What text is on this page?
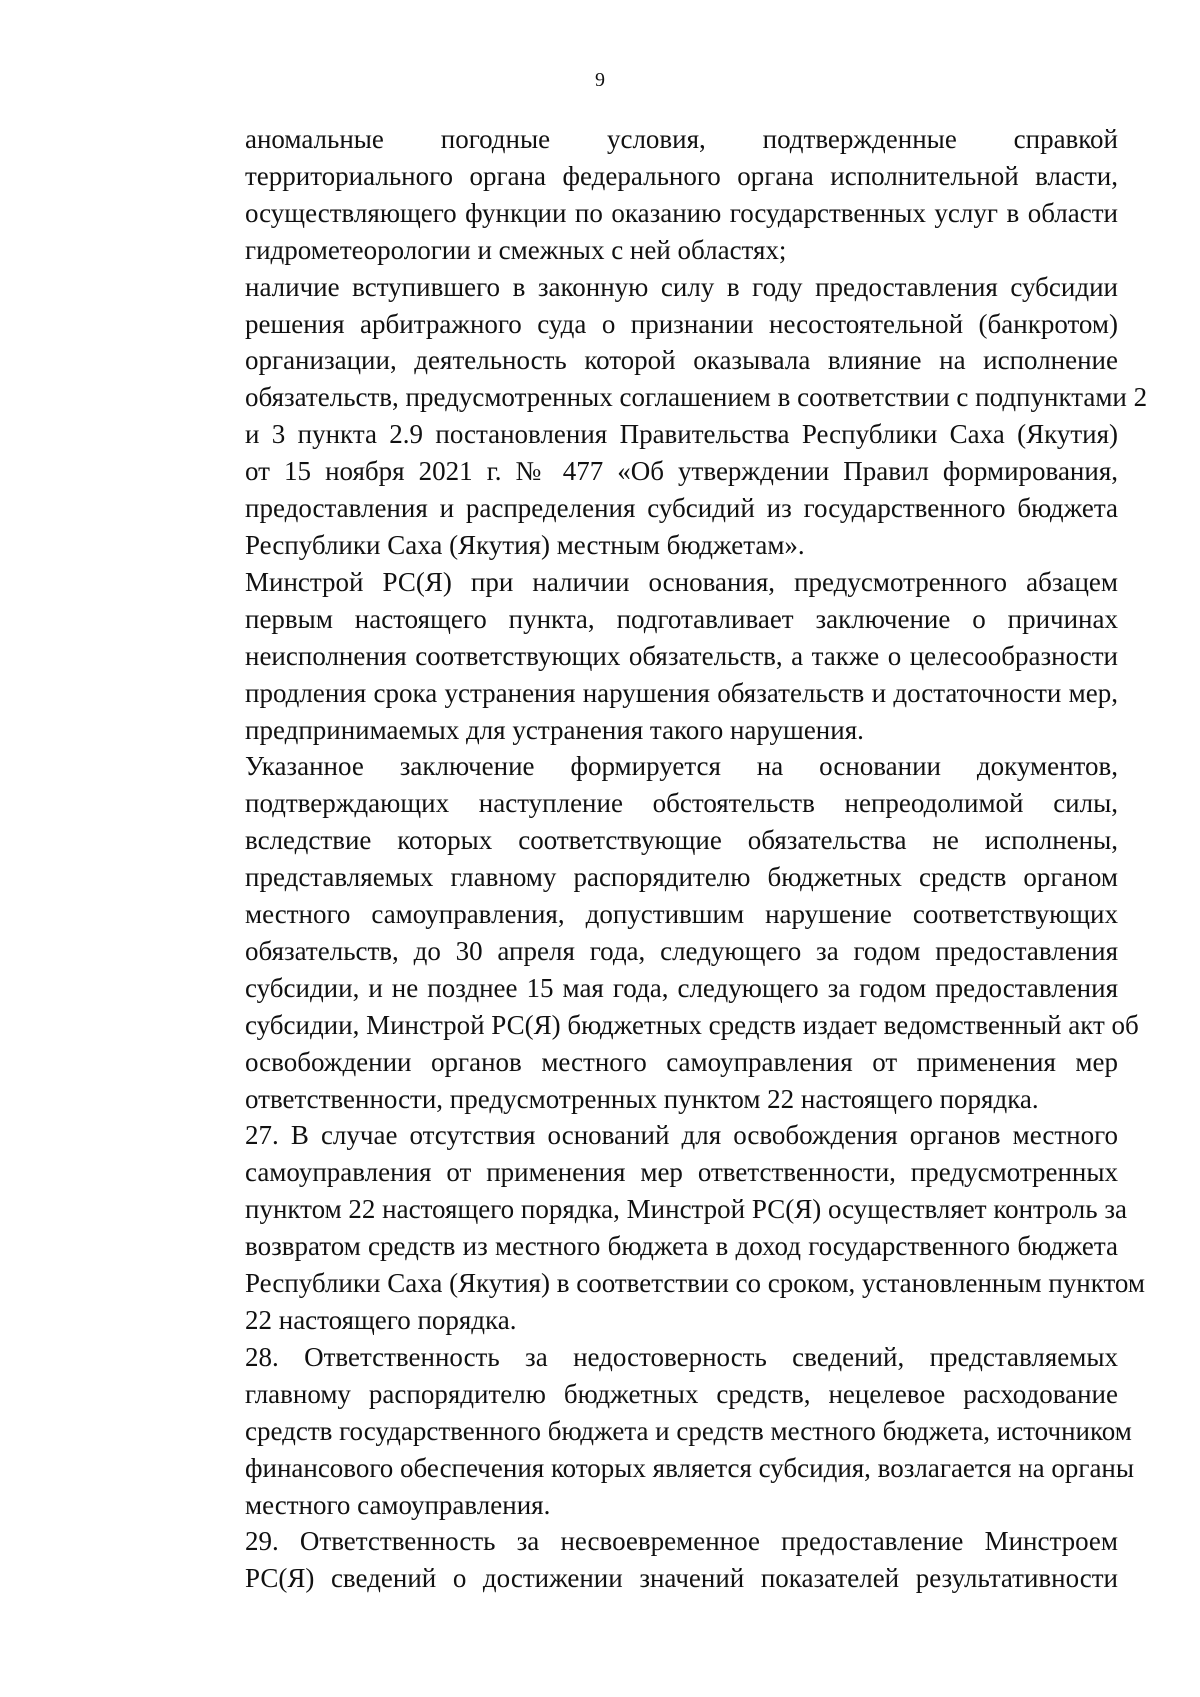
9

аномальные погодные условия, подтвержденные справкой
территориального органа федерального органа исполнительной власти,
осуществляющего функции по оказанию государственных услуг в области
гидрометеорологии и смежных с ней областях;

наличие вступившего в законную силу в году предоставления субсидии
решения арбитражного суда о признании несостоятельной (банкротом)
организации, деятельность которой оказывала влияние на исполнение
обязательств, предусмотренных соглашением в соответствии с подпунктами 2
и 3 пункта 2.9 постановления Правительства Республики Саха (Якутия)
от 15 ноября 2021 г. № 477 «Об утверждении Правил формирования,
предоставления и распределения субсидий из государственного бюджета
Республики Саха (Якутия) местным бюджетам».

Минстрой РС(Я) при наличии основания, предусмотренного абзацем
первым настоящего пункта, подготавливает заключение о причинах
неисполнения соответствующих обязательств, а также о целесообразности
продления срока устранения нарушения обязательств и достаточности мер,
предпринимаемых для устранения такого нарушения.

Указанное заключение формируется на основании документов,
подтверждающих наступление обстоятельств непреодолимой силы,
вследствие которых соответствующие обязательства не исполнены,
представляемых главному распорядителю бюджетных средств органом
местного самоуправления, допустившим нарушение соответствующих
обязательств, до 30 апреля года, следующего за годом предоставления
субсидии, и не позднее 15 мая года, следующего за годом предоставления
субсидии, Минстрой РС(Я) бюджетных средств издает ведомственный акт об
освобождении органов местного самоуправления от применения мер
ответственности, предусмотренных пунктом 22 настоящего порядка.

27. В случае отсутствия оснований для освобождения органов местного
самоуправления от применения мер ответственности, предусмотренных
пунктом 22 настоящего порядка, Минстрой РС(Я) осуществляет контроль за
возвратом средств из местного бюджета в доход государственного бюджета
Республики Саха (Якутия) в соответствии со сроком, установленным пунктом
22 настоящего порядка.

28. Ответственность за недостоверность сведений, представляемых
главному распорядителю бюджетных средств, нецелевое расходование
средств государственного бюджета и средств местного бюджета, источником
финансового обеспечения которых является субсидия, возлагается на органы
местного самоуправления.

29. Ответственность за несвоевременное предоставление Минстроем
РС(Я) сведений о достижении значений показателей результативности
